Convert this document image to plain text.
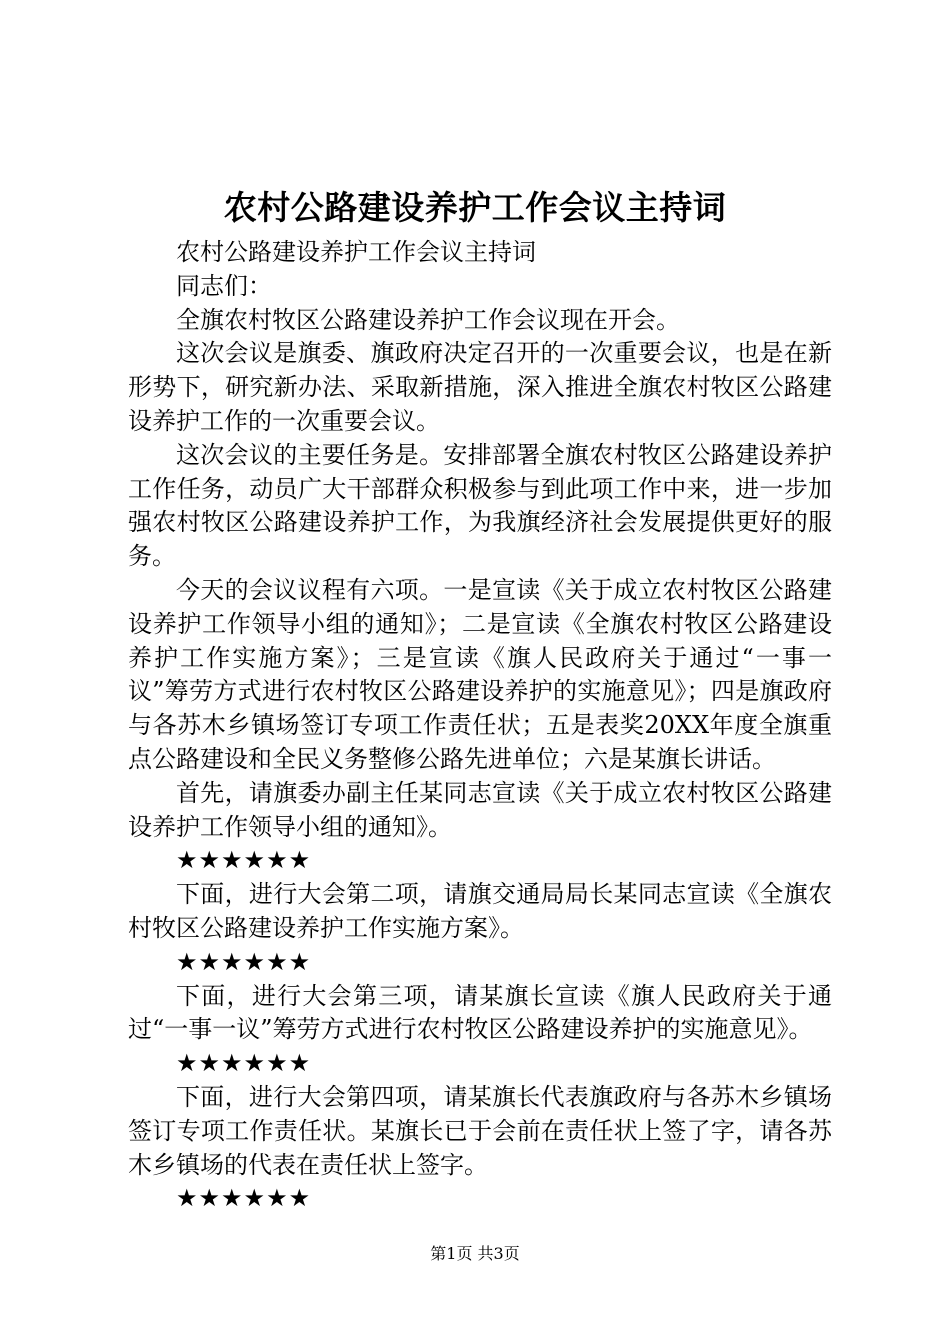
农村公路建设养护工作会议主持词

农村公路建设养护工作会议主持词

同志们：

全旗农村牧区公路建设养护工作会议现在开会。

这次会议是旗委、旗政府决定召开的一次重要会议，也是在新形势下，研究新办法、采取新措施，深入推进全旗农村牧区公路建设养护工作的一次重要会议。

这次会议的主要任务是。安排部署全旗农村牧区公路建设养护工作任务，动员广大干部群众积极参与到此项工作中来，进一步加强农村牧区公路建设养护工作，为我旗经济社会发展提供更好的服务。

今天的会议议程有六项。一是宣读《关于成立农村牧区公路建设养护工作领导小组的通知》；二是宣读《全旗农村牧区公路建设养护工作实施方案》；三是宣读《旗人民政府关于通过“一事一议”筹劳方式进行农村牧区公路建设养护的实施意见》；四是旗政府与各苏木乡镇场签订专项工作责任状；五是表奖20XX年度全旗重点公路建设和全民义务整修公路先进单位；六是某旗长讲话。

首先，请旗委办副主任某同志宣读《关于成立农村牧区公路建设养护工作领导小组的通知》。

★★★★★★

下面，进行大会第二项，请旗交通局局长某同志宣读《全旗农村牧区公路建设养护工作实施方案》。

★★★★★★

下面，进行大会第三项，请某旗长宣读《旗人民政府关于通过“一事一议”筹劳方式进行农村牧区公路建设养护的实施意见》。

★★★★★★

下面，进行大会第四项，请某旗长代表旗政府与各苏木乡镇场签订专项工作责任状。某旗长已于会前在责任状上签了字，请各苏木乡镇场的代表在责任状上签字。

★★★★★★

第1页 共3页
